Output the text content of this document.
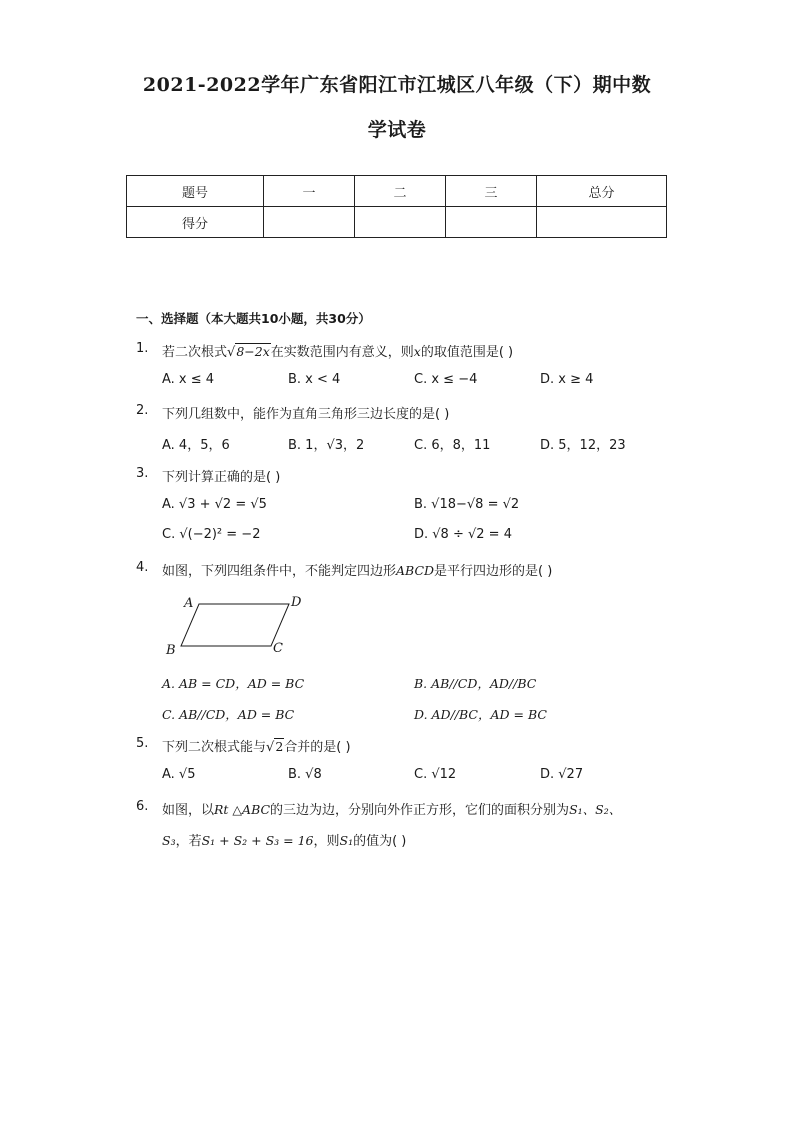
2021-2022学年广东省阳江市江城区八年级（下）期中数
学试卷
题号	一	二	三	总分
得分				
一、选择题（本大题共10小题，共30分）
1. 若二次根式√8−2x在实数范围内有意义，则x的取值范围是( )
A. x ≤ 4	B. x < 4	C. x ≤ −4	D. x ≥ 4
2. 下列几组数中，能作为直角三角形三边长度的是( )
A. 4，5，6	B. 1，√3，2	C. 6，8，11	D. 5，12，23
3. 下列计算正确的是( )
A. √3 + √2 = √5	B. √18−√8 = √2
C. √(−2)² = −2	D. √8 ÷ √2 = 4
4. 如图，下列四组条件中，不能判定四边形ABCD是平行四边形的是( )
A	D
B	C
A. AB = CD，AD = BC	B. AB//CD，AD//BC
C. AB//CD，AD = BC	D. AD//BC，AD = BC
5. 下列二次根式能与√2合并的是( )
A. √5	B. √8	C. √12	D. √27
6. 如图，以Rt △ABC的三边为边，分别向外作正方形，它们的面积分别为S₁、S₂、
S₃，若S₁ + S₂ + S₃ = 16，则S₁的值为( )
